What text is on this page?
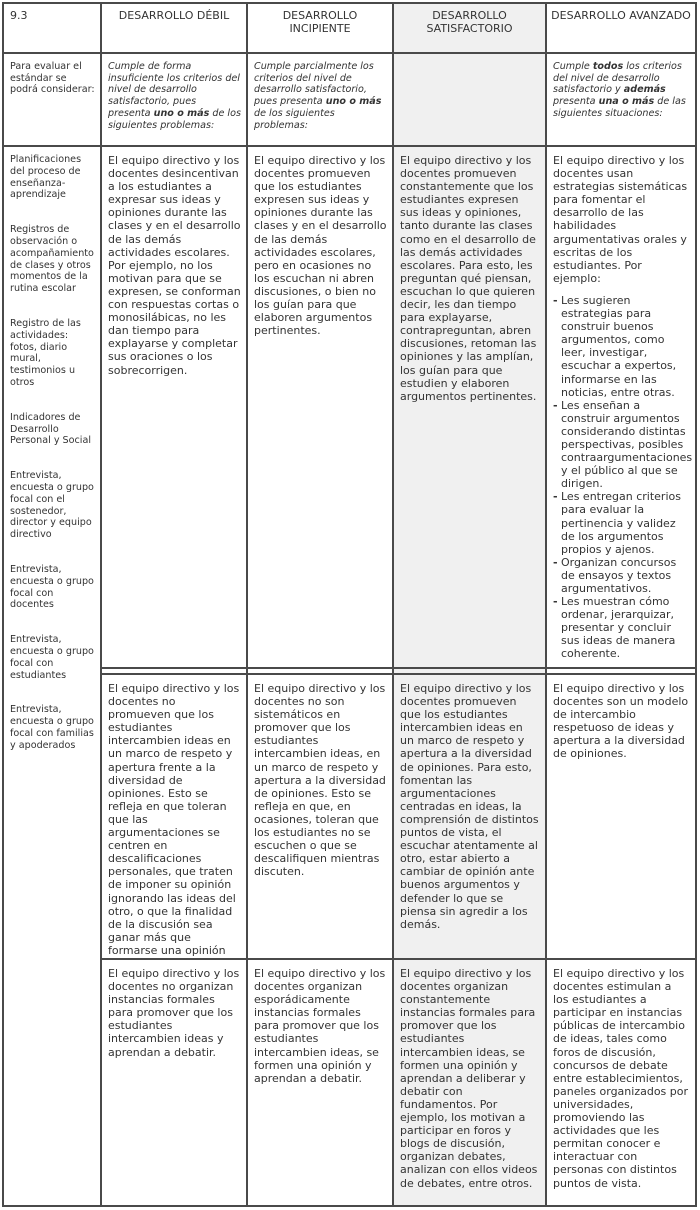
9.3	DESARROLLO DÉBIL	DESARROLLO INCIPIENTE
DESARROLLO SATISFACTORIO
DESARROLLO AVANZADO
Para evaluar el estándar se podrá considerar:
Cumple de forma insuficiente los criterios del nivel de desarrollo satisfactorio, pues presenta uno o más de los siguientes problemas:
Cumple parcialmente los criterios del nivel de desarrollo satisfactorio, pues presenta uno o más de los siguientes problemas:
Cumple todos los criterios del nivel de desarrollo satisfactorio y además presenta una o más de las siguientes situaciones:

Planificaciones del proceso de enseñanza-aprendizaje

Registros de observación o acompañamiento de clases y otros momentos de la rutina escolar

Registro de las actividades: fotos, diario mural, testimonios u otros

Indicadores de Desarrollo Personal y Social

Entrevista, encuesta o grupo focal con el sostenedor, director y equipo directivo

Entrevista, encuesta o grupo focal con docentes

Entrevista, encuesta o grupo focal con estudiantes

Entrevista, encuesta o grupo focal con familias y apoderados

El equipo directivo y los docentes desincentivan a los estudiantes a expresar sus ideas y opiniones durante las clases y en el desarrollo de las demás actividades escolares. Por ejemplo, no los motivan para que se expresen, se conforman con respuestas cortas o monosilábicas, no les dan tiempo para explayarse y completar sus oraciones o los sobrecorrigen.

El equipo directivo y los docentes promueven que los estudiantes expresen sus ideas y opiniones durante las clases y en el desarrollo de las demás actividades escolares, pero en ocasiones no los escuchan ni abren discusiones, o bien no los guían para que elaboren argumentos pertinentes.

El equipo directivo y los docentes promueven constantemente que los estudiantes expresen sus ideas y opiniones, tanto durante las clases como en el desarrollo de las demás actividades escolares. Para esto, les preguntan qué piensan, escuchan lo que quieren decir, les dan tiempo para explayarse, contrapreguntan, abren discusiones, retoman las opiniones y las amplían, los guían para que estudien y elaboren argumentos pertinentes.

El equipo directivo y los docentes usan estrategias sistemáticas para fomentar el desarrollo de las habilidades argumentativas orales y escritas de los estudiantes. Por ejemplo:

- Les sugieren estrategias para construir buenos argumentos, como leer, investigar, escuchar a expertos, informarse en las noticias, entre otras.
- Les enseñan a construir argumentos considerando distintas perspectivas, posibles contraargumentaciones y el público al que se dirigen.
- Les entregan criterios para evaluar la pertinencia y validez de los argumentos propios y ajenos.
- Organizan concursos de ensayos y textos argumentativos.
- Les muestran cómo ordenar, jerarquizar, presentar y concluir sus ideas de manera coherente.

El equipo directivo y los docentes no promueven que los estudiantes intercambien ideas en un marco de respeto y apertura frente a la diversidad de opiniones. Esto se refleja en que toleran que las argumentaciones se centren en descalificaciones personales, que traten de imponer su opinión ignorando las ideas del otro, o que la finalidad de la discusión sea ganar más que formarse una opinión

El equipo directivo y los docentes no son sistemáticos en promover que los estudiantes intercambien ideas, en un marco de respeto y apertura a la diversidad de opiniones. Esto se refleja en que, en ocasiones, toleran que los estudiantes no se escuchen o que se descalifiquen mientras discuten.

El equipo directivo y los docentes promueven que los estudiantes intercambien ideas en un marco de respeto y apertura a la diversidad de opiniones. Para esto, fomentan las argumentaciones centradas en ideas, la comprensión de distintos puntos de vista, el escuchar atentamente al otro, estar abierto a cambiar de opinión ante buenos argumentos y defender lo que se piensa sin agredir a los demás.

El equipo directivo y los docentes son un modelo de intercambio respetuoso de ideas y apertura a la diversidad de opiniones.

El equipo directivo y los docentes no organizan instancias formales para promover que los estudiantes intercambien ideas y aprendan a debatir.

El equipo directivo y los docentes organizan esporádicamente instancias formales para promover que los estudiantes intercambien ideas, se formen una opinión y aprendan a debatir.

El equipo directivo y los docentes organizan constantemente instancias formales para promover que los estudiantes intercambien ideas, se formen una opinión y aprendan a deliberar y debatir con fundamentos. Por ejemplo, los motivan a participar en foros y blogs de discusión, organizan debates, analizan con ellos videos de debates, entre otros.

El equipo directivo y los docentes estimulan a los estudiantes a participar en instancias públicas de intercambio de ideas, tales como foros de discusión, concursos de debate entre establecimientos, paneles organizados por universidades, promoviendo las actividades que les permitan conocer e interactuar con personas con distintos puntos de vista.
